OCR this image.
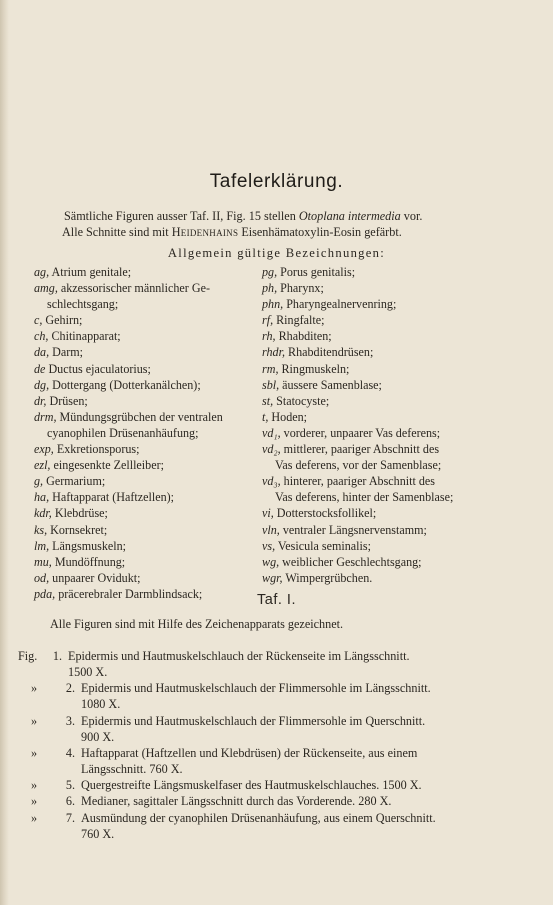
Tafelerklärung.
Sämtliche Figuren ausser Taf. II, Fig. 15 stellen Otoplana intermedia vor.
Alle Schnitte sind mit Heidenhains Eisenhämatoxylin-Eosin gefärbt.
Allgemein gültige Bezeichnungen:
ag, Atrium genitale;
amg, akzessorischer männlicher Ge-
schlechtsgang;
c, Gehirn;
ch, Chitinapparat;
da, Darm;
de Ductus ejaculatorius;
dg, Dottergang (Dotterkanälchen);
dr, Drüsen;
drm, Mündungsgrübchen der ventralen
cyanophilen Drüsenanhäufung;
exp, Exkretionsporus;
ezl, eingesenkte Zellleiber;
g, Germarium;
ha, Haftapparat (Haftzellen);
kdr, Klebdrüse;
ks, Kornsekret;
lm, Längsmuskeln;
mu, Mundöffnung;
od, unpaarer Ovidukt;
pda, präcerebraler Darmblindsack;
pg, Porus genitalis;
ph, Pharynx;
phn, Pharyngealnervenring;
rf, Ringfalte;
rh, Rhabditen;
rhdr, Rhabditendrüsen;
rm, Ringmuskeln;
sbl, äussere Samenblase;
st, Statocyste;
t, Hoden;
vd₁, vorderer, unpaarer Vas deferens;
vd₂, mittlerer, paariger Abschnitt des
Vas deferens, vor der Samenblase;
vd₃, hinterer, paariger Abschnitt des
Vas deferens, hinter der Samenblase;
vi, Dotterstocksfollikel;
vln, ventraler Längsnervenstamm;
vs, Vesicula seminalis;
wg, weiblicher Geschlechtsgang;
wgr, Wimpergrübchen.
Taf. I.
Alle Figuren sind mit Hilfe des Zeichenapparats gezeichnet.
Fig.	1. Epidermis und Hautmuskelschlauch der Rückenseite im Längsschnitt.
1500 X.
»	2. Epidermis und Hautmuskelschlauch der Flimmersohle im Längsschnitt.
1080 X.
»	3. Epidermis und Hautmuskelschlauch der Flimmersohle im Querschnitt.
900 X.
»	4. Haftapparat (Haftzellen und Klebdrüsen) der Rückenseite, aus einem
Längsschnitt. 760 X.
»	5. Quergestreifte Längsmuskelfaser des Hautmuskelschlauches. 1500 X.
»	6. Medianer, sagittaler Längsschnitt durch das Vorderende. 280 X.
»	7. Ausmündung der cyanophilen Drüsenanhäufung, aus einem Querschnitt.
760 X.
